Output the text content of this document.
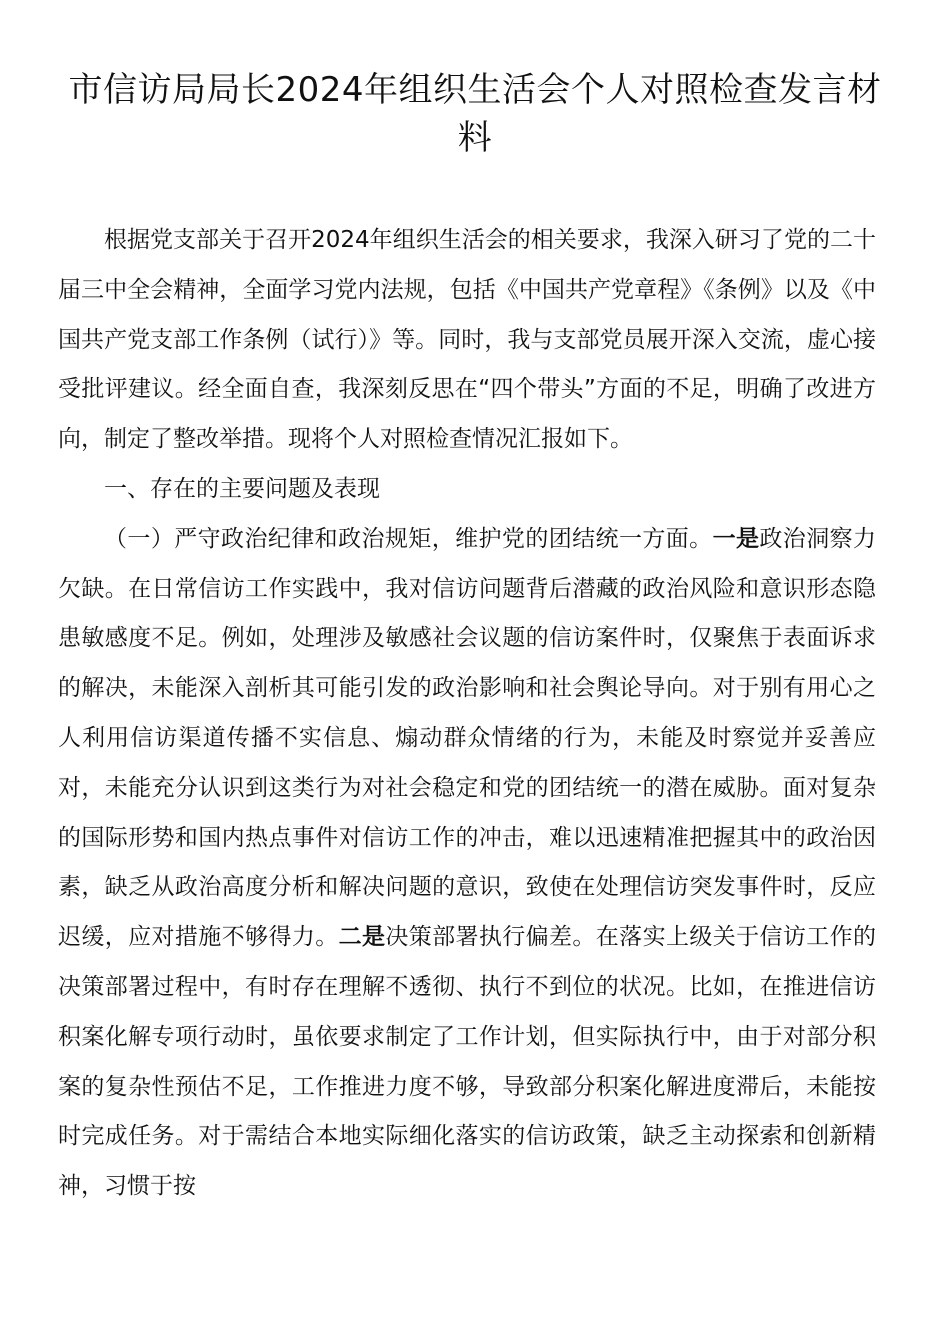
市信访局局长2024年组织生活会个人对照检查发言材料

根据党支部关于召开2024年组织生活会的相关要求，我深入研习了党的二十届三中全会精神，全面学习党内法规，包括《中国共产党章程》《条例》以及《中国共产党支部工作条例（试行）》等。同时，我与支部党员展开深入交流，虚心接受批评建议。经全面自查，我深刻反思在“四个带头”方面的不足，明确了改进方向，制定了整改举措。现将个人对照检查情况汇报如下。

一、存在的主要问题及表现

（一）严守政治纪律和政治规矩，维护党的团结统一方面。一是政治洞察力欠缺。在日常信访工作实践中，我对信访问题背后潜藏的政治风险和意识形态隐患敏感度不足。例如，处理涉及敏感社会议题的信访案件时，仅聚焦于表面诉求的解决，未能深入剖析其可能引发的政治影响和社会舆论导向。对于别有用心之人利用信访渠道传播不实信息、煽动群众情绪的行为，未能及时察觉并妥善应对，未能充分认识到这类行为对社会稳定和党的团结统一的潜在威胁。面对复杂的国际形势和国内热点事件对信访工作的冲击，难以迅速精准把握其中的政治因素，缺乏从政治高度分析和解决问题的意识，致使在处理信访突发事件时，反应迟缓，应对措施不够得力。二是决策部署执行偏差。在落实上级关于信访工作的决策部署过程中，有时存在理解不透彻、执行不到位的状况。比如，在推进信访积案化解专项行动时，虽依要求制定了工作计划，但实际执行中，由于对部分积案的复杂性预估不足，工作推进力度不够，导致部分积案化解进度滞后，未能按时完成任务。对于需结合本地实际细化落实的信访政策，缺乏主动探索和创新精神，习惯于按
